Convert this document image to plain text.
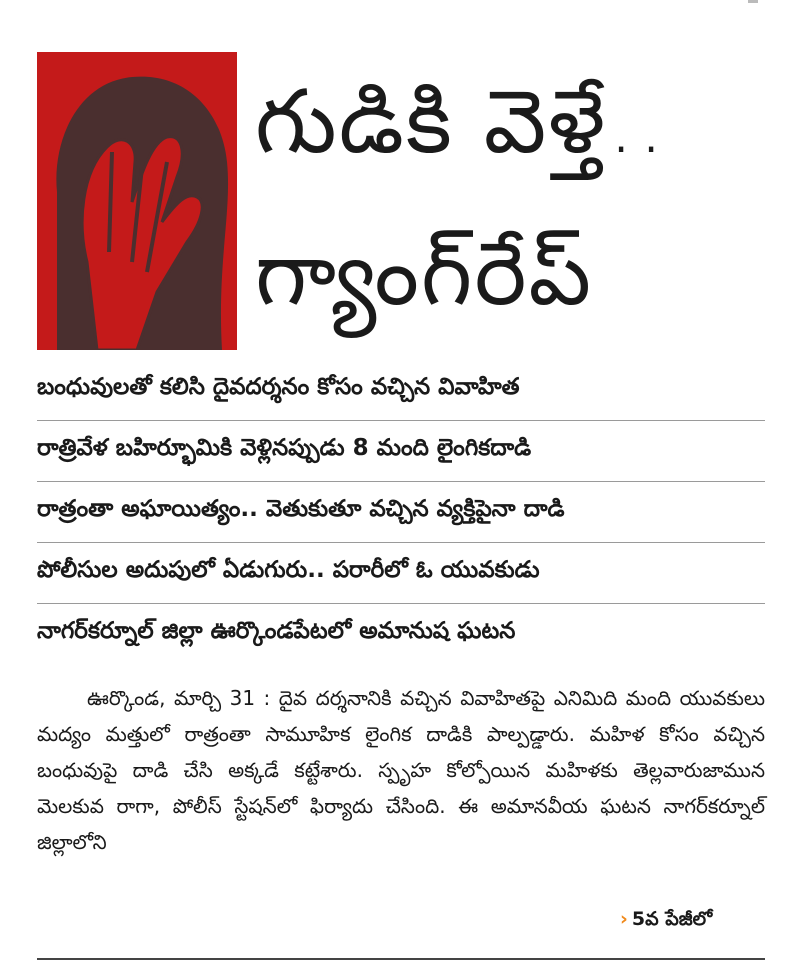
గుడికి వెళ్తే..
గ్యాంగ్‌రేప్
బంధువులతో కలిసి దైవదర్శనం కోసం వచ్చిన వివాహిత
రాత్రివేళ బహిర్భూమికి వెళ్లినప్పుడు 8 మంది లైంగికదాడి
రాత్రంతా అఘాయిత్యం.. వెతుకుతూ వచ్చిన వ్యక్తిపైనా దాడి
పోలీసుల అదుపులో ఏడుగురు.. పరారీలో ఓ యువకుడు
నాగర్‌కర్నూల్ జిల్లా ఊర్కొండపేటలో అమానుష ఘటన

ఊర్కొండ, మార్చి 31 : దైవ దర్శనానికి వచ్చిన వివాహితపై ఎనిమిది మంది యువకులు మద్యం మత్తులో రాత్రంతా సామూహిక లైంగిక దాడికి పాల్పడ్డారు. మహిళ కోసం వచ్చిన బంధువుపై దాడి చేసి అక్కడే కట్టేశారు. స్పృహ కోల్పోయిన మహిళకు తెల్లవారుజామున మెలకువ రాగా, పోలీస్ స్టేషన్‌లో ఫిర్యాదు చేసింది. ఈ అమానవీయ ఘటన నాగర్‌కర్నూల్ జిల్లాలోని

› 5వ పేజీలో
